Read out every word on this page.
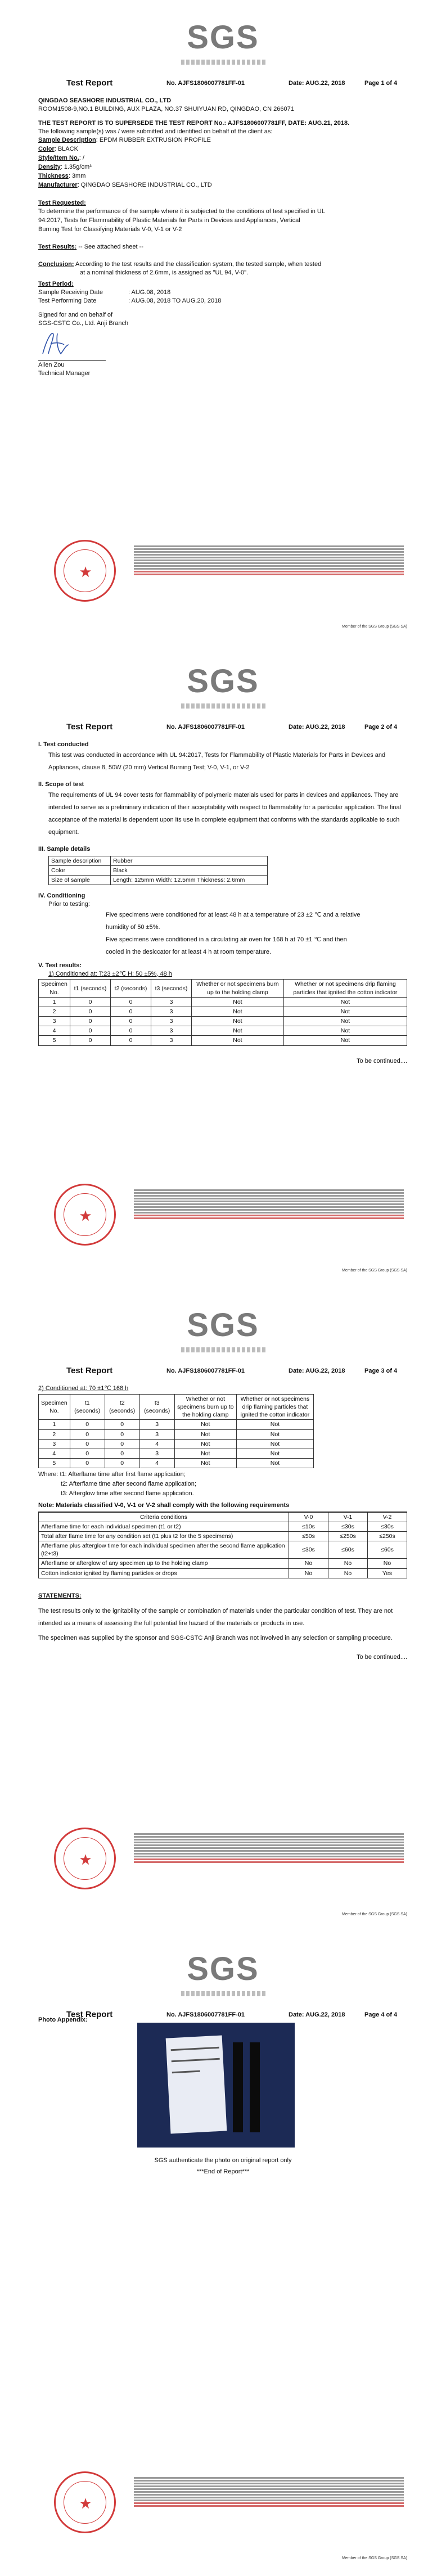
SGS
Test Report	No. AJFS1806007781FF-01	Date: AUG.22, 2018	Page 1 of 4

QINGDAO SEASHORE INDUSTRIAL CO., LTD

ROOM1508-9,NO.1 BUILDING, AUX PLAZA, NO.37 SHUIYUAN RD, QINGDAO, CN 266071

THE TEST REPORT IS TO SUPERSEDE THE TEST REPORT No.: AJFS1806007781FF, DATE: AUG.21, 2018.

The following sample(s) was / were submitted and identified on behalf of the client as:

Sample Description: EPDM RUBBER EXTRUSION PROFILE

Color: BLACK

Style/Item No.: /

Density: 1.35g/cm³

Thickness: 3mm

Manufacturer: QINGDAO SEASHORE INDUSTRIAL CO., LTD

Test Requested:

To determine the performance of the sample where it is subjected to the conditions of test specified in UL

94:2017, Tests for Flammability of Plastic Materials for Parts in Devices and Appliances, Vertical

Burning Test for Classifying Materials V-0, V-1 or V-2

Test Results: -- See attached sheet --

Conclusion: According to the test results and the classification system, the tested sample, when tested

at a nominal thickness of 2.6mm, is assigned as "UL 94, V-0".

Test Period:

Sample Receiving Date	: AUG.08, 2018

Test Performing Date	: AUG.08, 2018 TO AUG.20, 2018

Signed for and on behalf of

SGS-CSTC Co., Ltd. Anji Branch

Allen Zou

Technical Manager

★
Member of the SGS Group (SGS SA)
SGS
Test Report	No. AJFS1806007781FF-01	Date: AUG.22, 2018	Page 2 of 4

I. Test conducted

This test was conducted in accordance with UL 94:2017, Tests for Flammability of Plastic Materials for Parts in Devices and Appliances, clause 8, 50W (20 mm) Vertical Burning Test; V-0, V-1, or V-2

II. Scope of test

The requirements of UL 94 cover tests for flammability of polymeric materials used for parts in devices and appliances. They are intended to serve as a preliminary indication of their acceptability with respect to flammability for a particular application. The final acceptance of the material is dependent upon its use in complete equipment that conforms with the standards applicable to such equipment.

III. Sample details

Sample description	Rubber
Color	Black
Size of sample	Length: 125mm Width: 12.5mm Thickness: 2.6mm

IV. Conditioning

Prior to testing:

Five specimens were conditioned for at least 48 h at a temperature of 23 ±2 ℃ and a relative

humidity of 50 ±5%.

Five specimens were conditioned in a circulating air oven for 168 h at 70 ±1 ℃ and then

cooled in the desiccator for at least 4 h at room temperature.

V. Test results:

1) Conditioned at: T:23 ±2℃ H: 50 ±5%, 48 h

Specimen No.	t1 (seconds)	t2 (seconds)	t3 (seconds)	Whether or not specimens burn up to the holding clamp	Whether or not specimens drip flaming particles that ignited the cotton indicator
1	0	0	3	Not	Not
2	0	0	3	Not	Not
3	0	0	3	Not	Not
4	0	0	3	Not	Not
5	0	0	3	Not	Not

To be continued....

★
Member of the SGS Group (SGS SA)
SGS
Test Report	No. AJFS1806007781FF-01	Date: AUG.22, 2018	Page 3 of 4

2) Conditioned at: 70 ±1℃ 168 h

Specimen No.	t1 (seconds)	t2 (seconds)	t3 (seconds)	Whether or not specimens burn up to the holding clamp	Whether or not specimens drip flaming particles that ignited the cotton indicator
1	0	0	3	Not	Not
2	0	0	3	Not	Not
3	0	0	4	Not	Not
4	0	0	3	Not	Not
5	0	0	4	Not	Not

Where: t1: Afterflame time after first flame application;

t2: Afterflame time after second flame application;

t3: Afterglow time after second flame application.

Note: Materials classified V-0, V-1 or V-2 shall comply with the following requirements

Criteria conditions	V-0	V-1	V-2
Afterflame time for each individual specimen (t1 or t2)	≤10s	≤30s	≤30s
Total after flame time for any condition set (t1 plus t2 for the 5 specimens)	≤50s	≤250s	≤250s
Afterflame plus afterglow time for each individual specimen after the second flame application (t2+t3)	≤30s	≤60s	≤60s
Afterflame or afterglow of any specimen up to the holding clamp	No	No	No
Cotton indicator ignited by flaming particles or drops	No	No	Yes

STATEMENTS:

The test results only to the ignitability of the sample or combination of materials under the particular condition of test. They are not intended as a means of assessing the full potential fire hazard of the materials or products in use.

The specimen was supplied by the sponsor and SGS-CSTC Anji Branch was not involved in any selection or sampling procedure.

To be continued....

★
Member of the SGS Group (SGS SA)
SGS
Test Report	No. AJFS1806007781FF-01	Date: AUG.22, 2018	Page 4 of 4

Photo Appendix:

SGS authenticate the photo on original report only

***End of Report***

★
Member of the SGS Group (SGS SA)
